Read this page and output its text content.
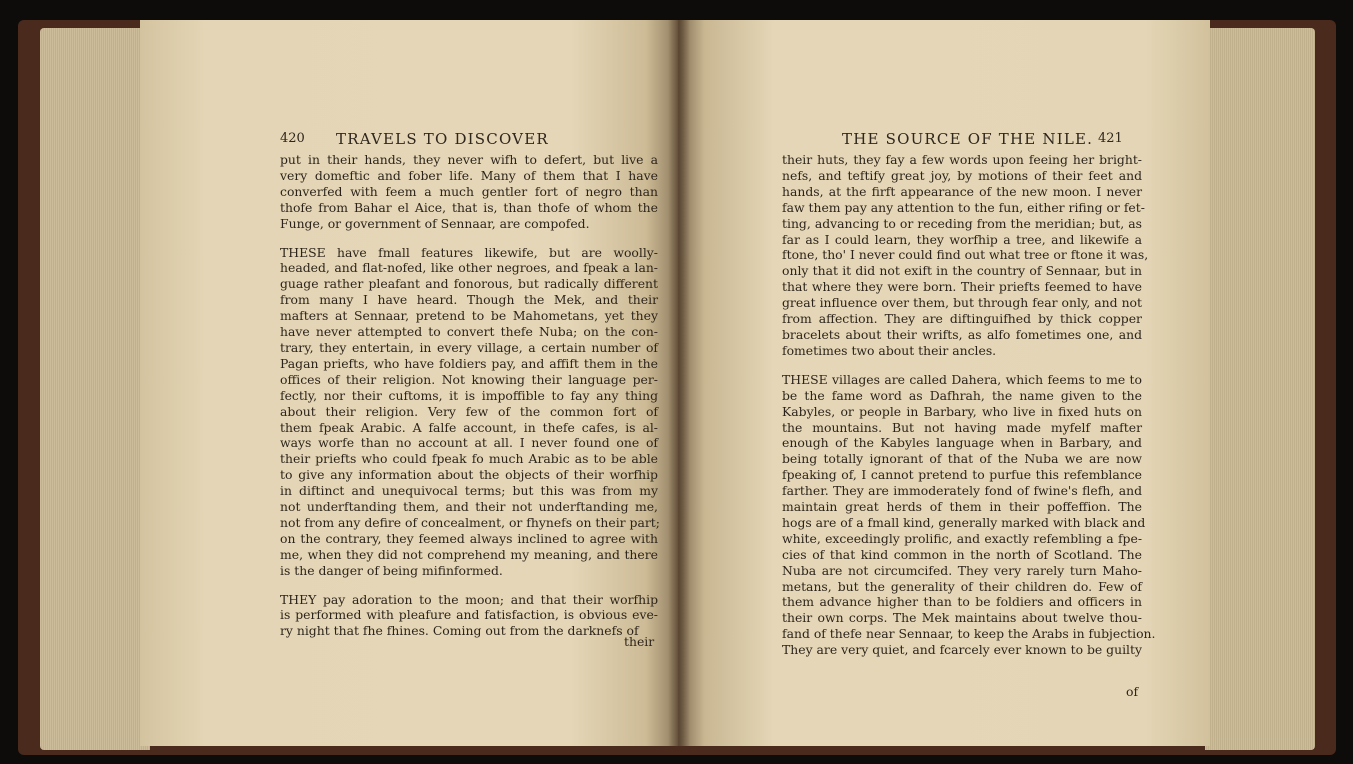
420 TRAVELS TO DISCOVER
put in their hands, they never wifh to defert, but live a
very domeftic and fober life. Many of them that I have
converfed with feem a much gentler fort of negro than
thofe from Bahar el Aice, that is, than thofe of whom the
Funge, or government of Sennaar, are compofed.
THESE have fmall features likewife, but are woolly-
headed, and flat-nofed, like other negroes, and fpeak a lan-
guage rather pleafant and fonorous, but radically different
from many I have heard. Though the Mek, and their
mafters at Sennaar, pretend to be Mahometans, yet they
have never attempted to convert thefe Nuba; on the con-
trary, they entertain, in every village, a certain number of
Pagan priefts, who have foldiers pay, and affift them in the
offices of their religion. Not knowing their language per-
fectly, nor their cuftoms, it is impoffible to fay any thing
about their religion. Very few of the common fort of
them fpeak Arabic. A falfe account, in thefe cafes, is al-
ways worfe than no account at all. I never found one of
their priefts who could fpeak fo much Arabic as to be able
to give any information about the objects of their worfhip
in diftinct and unequivocal terms; but this was from my
not underftanding them, and their not underftanding me,
not from any defire of concealment, or fhynefs on their part;
on the contrary, they feemed always inclined to agree with
me, when they did not comprehend my meaning, and there
is the danger of being mifinformed.
THEY pay adoration to the moon; and that their worfhip
is performed with pleafure and fatisfaction, is obvious eve-
ry night that fhe fhines. Coming out from the darknefs of
their
THE SOURCE OF THE NILE. 421
their huts, they fay a few words upon feeing her bright-
nefs, and teftify great joy, by motions of their feet and
hands, at the firft appearance of the new moon. I never
faw them pay any attention to the fun, either rifing or fet-
ting, advancing to or receding from the meridian; but, as
far as I could learn, they worfhip a tree, and likewife a
ftone, tho' I never could find out what tree or ftone it was,
only that it did not exift in the country of Sennaar, but in
that where they were born. Their priefts feemed to have
great influence over them, but through fear only, and not
from affection. They are diftinguifhed by thick copper
bracelets about their wrifts, as alfo fometimes one, and
fometimes two about their ancles.
THESE villages are called Dahera, which feems to me to
be the fame word as Dafhrah, the name given to the
Kabyles, or people in Barbary, who live in fixed huts on
the mountains. But not having made myfelf mafter
enough of the Kabyles language when in Barbary, and
being totally ignorant of that of the Nuba we are now
fpeaking of, I cannot pretend to purfue this refemblance
farther. They are immoderately fond of fwine's flefh, and
maintain great herds of them in their poffeffion. The
hogs are of a fmall kind, generally marked with black and
white, exceedingly prolific, and exactly refembling a fpe-
cies of that kind common in the north of Scotland. The
Nuba are not circumcifed. They very rarely turn Maho-
metans, but the generality of their children do. Few of
them advance higher than to be foldiers and officers in
their own corps. The Mek maintains about twelve thou-
fand of thefe near Sennaar, to keep the Arabs in fubjection.
They are very quiet, and fcarcely ever known to be guilty
of
